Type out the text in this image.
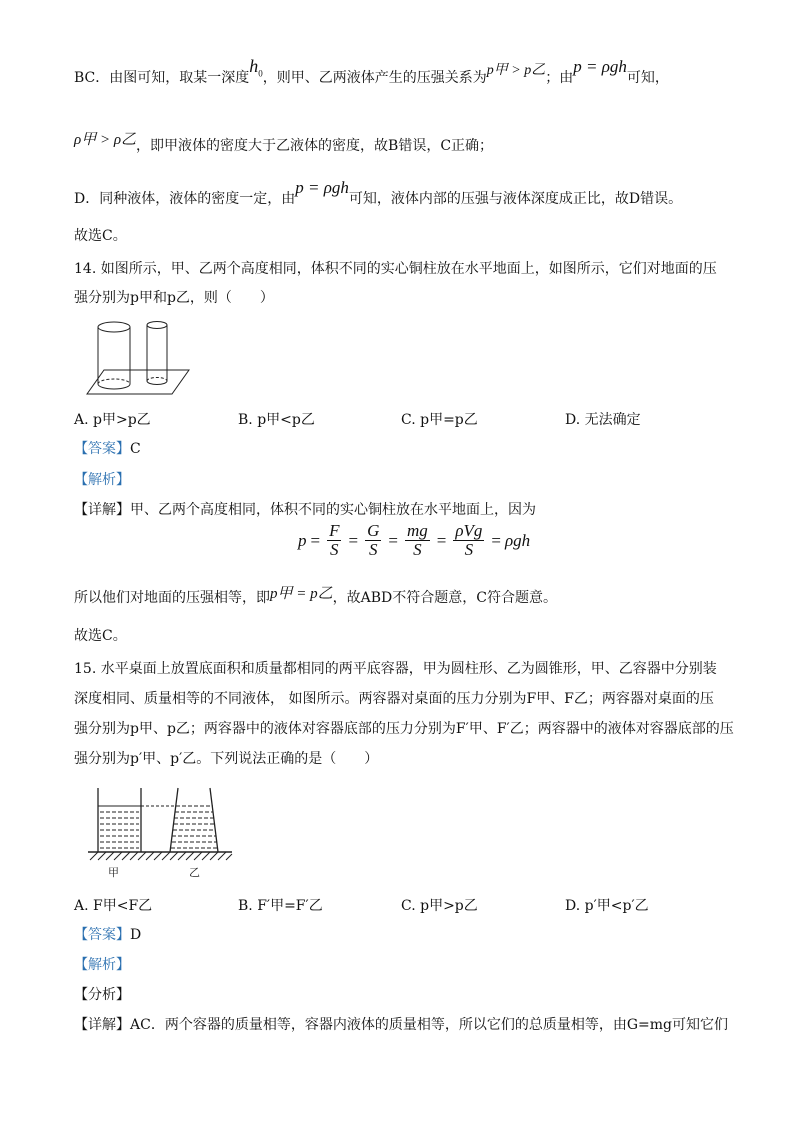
BC．由图可知，取某一深度$h_0$，则甲、乙两液体产生的压强关系为p甲 > p乙；由p = ρgh可知，
ρ甲 > ρ乙，即甲液体的密度大于乙液体的密度，故B错误，C正确；
D．同种液体，液体的密度一定，由p = ρgh可知，液体内部的压强与液体深度成正比，故D错误。
故选C。
14. 如图所示，甲、乙两个高度相同，体积不同的实心铜柱放在水平地面上，如图所示，它们对地面的压
强分别为p甲和p乙，则（　　）
A. p甲>p乙	B. p甲<p乙	C. p甲=p乙	D. 无法确定
【答案】C
【解析】
【详解】甲、乙两个高度相同，体积不同的实心铜柱放在水平地面上，因为
$p = \frac{F}{S} = \frac{G}{S} = \frac{mg}{S} = \frac{\text{ρVg}}{S} = \rho gh$
所以他们对地面的压强相等，即p甲 = p乙，故ABD不符合题意，C符合题意。
故选C。
15. 水平桌面上放置底面积和质量都相同的两平底容器，甲为圆柱形、乙为圆锥形，甲、乙容器中分别装
深度相同、质量相等的不同液体， 如图所示。两容器对桌面的压力分别为F甲、F乙；两容器对桌面的压
强分别为p甲、p乙；两容器中的液体对容器底部的压力分别为F′甲、F′乙；两容器中的液体对容器底部的压
强分别为p′甲、p′乙。下列说法正确的是（　　）
甲	乙
A. F甲<F乙	B. F′甲=F′乙	C. p甲>p乙	D. p′甲<p′乙
【答案】D
【解析】
【分析】
【详解】AC．两个容器的质量相等，容器内液体的质量相等，所以它们的总质量相等，由G=mg可知它们
